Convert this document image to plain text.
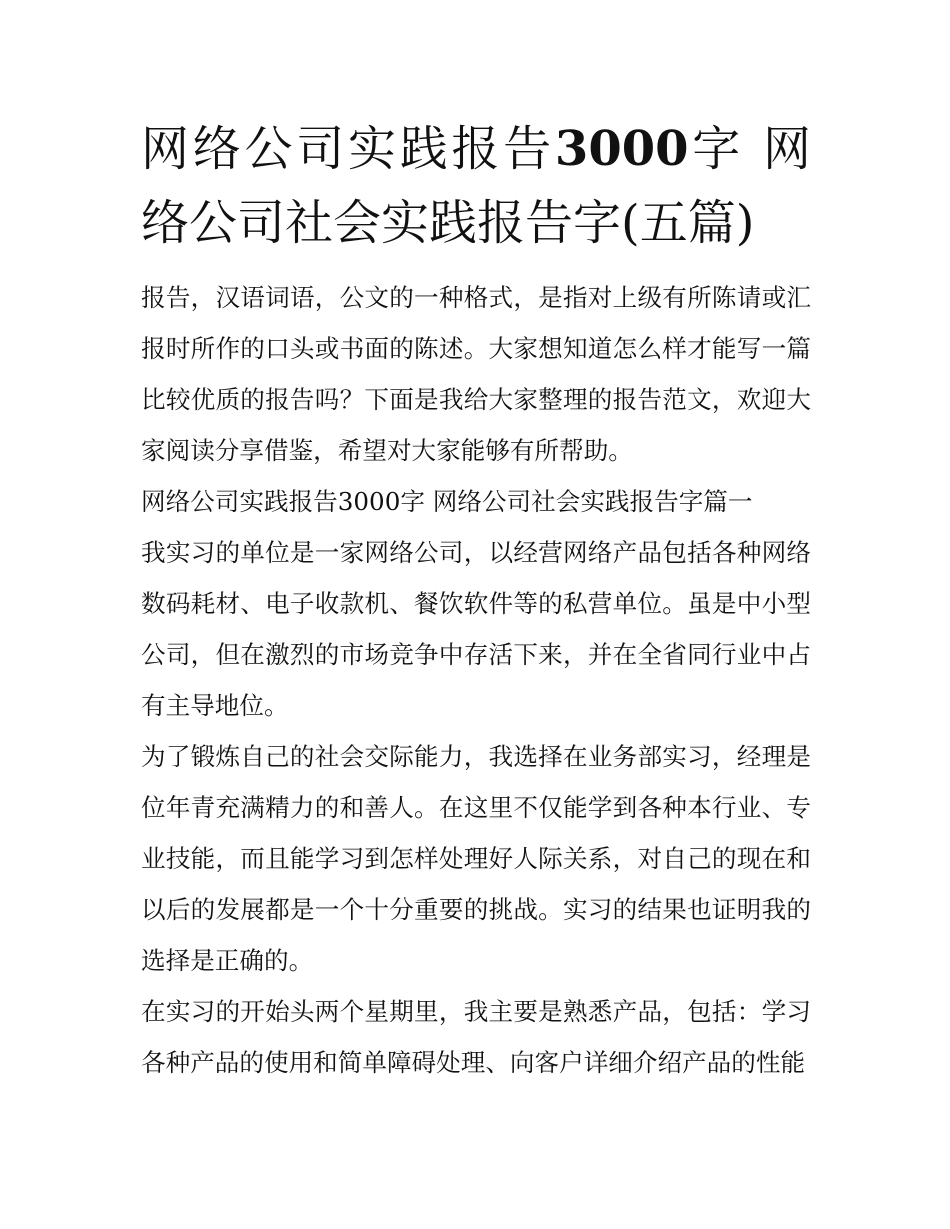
网络公司实践报告3000字 网络公司社会实践报告字(五篇)

报告，汉语词语，公文的一种格式，是指对上级有所陈请或汇报时所作的口头或书面的陈述。大家想知道怎么样才能写一篇比较优质的报告吗？下面是我给大家整理的报告范文，欢迎大家阅读分享借鉴，希望对大家能够有所帮助。

网络公司实践报告3000字 网络公司社会实践报告字篇一

我实习的单位是一家网络公司，以经营网络产品包括各种网络数码耗材、电子收款机、餐饮软件等的私营单位。虽是中小型公司，但在激烈的市场竞争中存活下来，并在全省同行业中占有主导地位。

为了锻炼自己的社会交际能力，我选择在业务部实习，经理是位年青充满精力的和善人。在这里不仅能学到各种本行业、专业技能，而且能学习到怎样处理好人际关系，对自己的现在和以后的发展都是一个十分重要的挑战。实习的结果也证明我的选择是正确的。

在实习的开始头两个星期里，我主要是熟悉产品，包括：学习各种产品的使用和简单障碍处理、向客户详细介绍产品的性能
